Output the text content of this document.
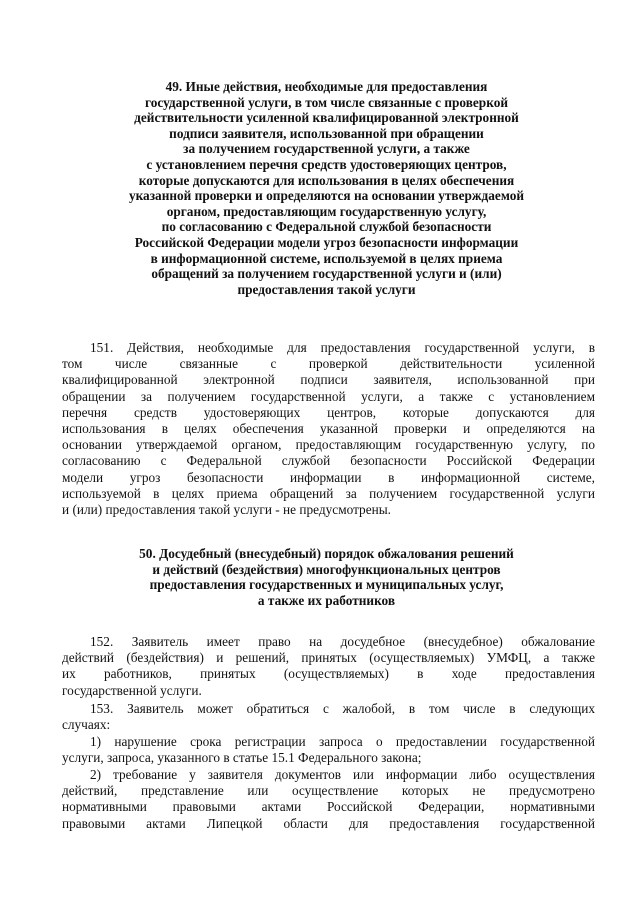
49. Иные действия, необходимые для предоставления
государственной услуги, в том числе связанные с проверкой
действительности усиленной квалифицированной электронной
подписи заявителя, использованной при обращении
за получением государственной услуги, а также
с установлением перечня средств удостоверяющих центров,
которые допускаются для использования в целях обеспечения
указанной проверки и определяются на основании утверждаемой
органом, предоставляющим государственную услугу,
по согласованию с Федеральной службой безопасности
Российской Федерации модели угроз безопасности информации
в информационной системе, используемой в целях приема
обращений за получением государственной услуги и (или)
предоставления такой услуги

151. Действия, необходимые для предоставления государственной услуги, в
том числе связанные с проверкой действительности усиленной
квалифицированной электронной подписи заявителя, использованной при
обращении за получением государственной услуги, а также с установлением
перечня средств удостоверяющих центров, которые допускаются для
использования в целях обеспечения указанной проверки и определяются на
основании утверждаемой органом, предоставляющим государственную услугу, по
согласованию с Федеральной службой безопасности Российской Федерации
модели угроз безопасности информации в информационной системе,
используемой в целях приема обращений за получением государственной услуги
и (или) предоставления такой услуги - не предусмотрены.

50. Досудебный (внесудебный) порядок обжалования решений
и действий (бездействия) многофункциональных центров
предоставления государственных и муниципальных услуг,
а также их работников

152. Заявитель имеет право на досудебное (внесудебное) обжалование
действий (бездействия) и решений, принятых (осуществляемых) УМФЦ, а также
их работников, принятых (осуществляемых) в ходе предоставления
государственной услуги.

153. Заявитель может обратиться с жалобой, в том числе в следующих
случаях:

1) нарушение срока регистрации запроса о предоставлении государственной
услуги, запроса, указанного в статье 15.1 Федерального закона;

2) требование у заявителя документов или информации либо осуществления
действий, представление или осуществление которых не предусмотрено
нормативными правовыми актами Российской Федерации, нормативными
правовыми актами Липецкой области для предоставления государственной
